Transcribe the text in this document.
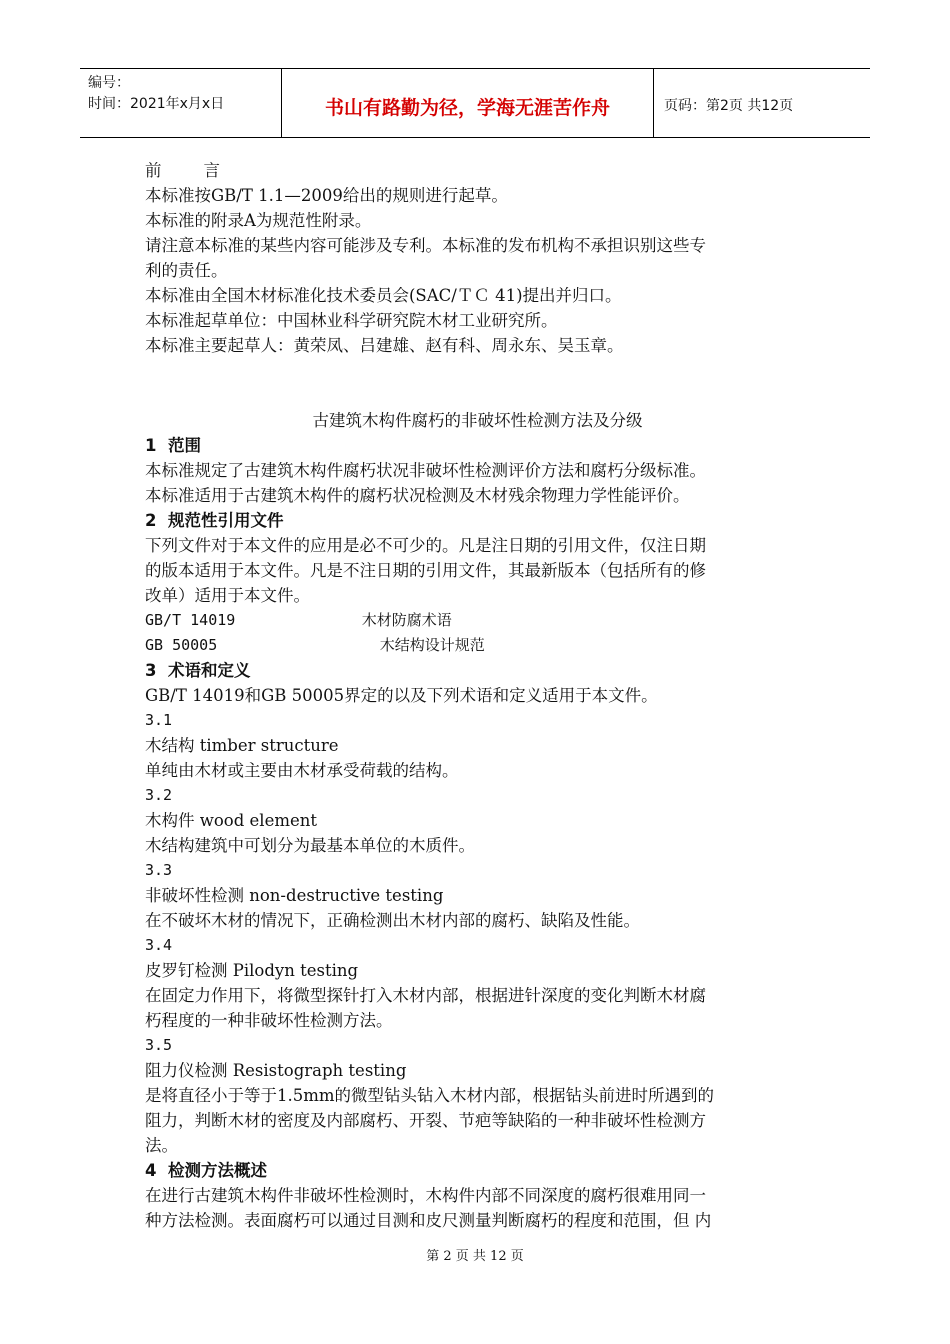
编号：
时间：2021年x月x日	书山有路勤为径，学海无涯苦作舟	页码：第2页 共12页

前        言

本标准按GB/T 1.1—2009给出的规则进行起草。

本标准的附录A为规范性附录。

请注意本标准的某些内容可能涉及专利。本标准的发布机构不承担识别这些专

利的责任。

本标准由全国木材标准化技术委员会(SAC/ＴＣ 41)提出并归口。

本标准起草单位：中国林业科学研究院木材工业研究所。

本标准主要起草人：黄荣凤、吕建雄、赵有科、周永东、吴玉章。

古建筑木构件腐朽的非破坏性检测方法及分级

1  范围

本标准规定了古建筑木构件腐朽状况非破坏性检测评价方法和腐朽分级标准。

本标准适用于古建筑木构件的腐朽状况检测及木材残余物理力学性能评价。

2  规范性引用文件

下列文件对于本文件的应用是必不可少的。凡是注日期的引用文件，仅注日期

的版本适用于本文件。凡是不注日期的引用文件，其最新版本（包括所有的修

改单）适用于本文件。

GB/T 14019              木材防腐术语

GB 50005                  木结构设计规范

3  术语和定义

GB/T 14019和GB 50005界定的以及下列术语和定义适用于本文件。

3.1

木结构 timber structure

单纯由木材或主要由木材承受荷载的结构。

3.2

木构件 wood element

木结构建筑中可划分为最基本单位的木质件。

3.3

非破坏性检测 non-destructive testing

在不破坏木材的情况下，正确检测出木材内部的腐朽、缺陷及性能。

3.4

皮罗钉检测 Pilodyn testing

在固定力作用下，将微型探针打入木材内部，根据进针深度的变化判断木材腐

朽程度的一种非破坏性检测方法。

3.5

阻力仪检测 Resistograph testing

是将直径小于等于1.5mm的微型钻头钻入木材内部，根据钻头前进时所遇到的

阻力，判断木材的密度及内部腐朽、开裂、节疤等缺陷的一种非破坏性检测方

法。

4  检测方法概述

在进行古建筑木构件非破坏性检测时，木构件内部不同深度的腐朽很难用同一

种方法检测。表面腐朽可以通过目测和皮尺测量判断腐朽的程度和范围，但 内

第 2 页 共 12 页
